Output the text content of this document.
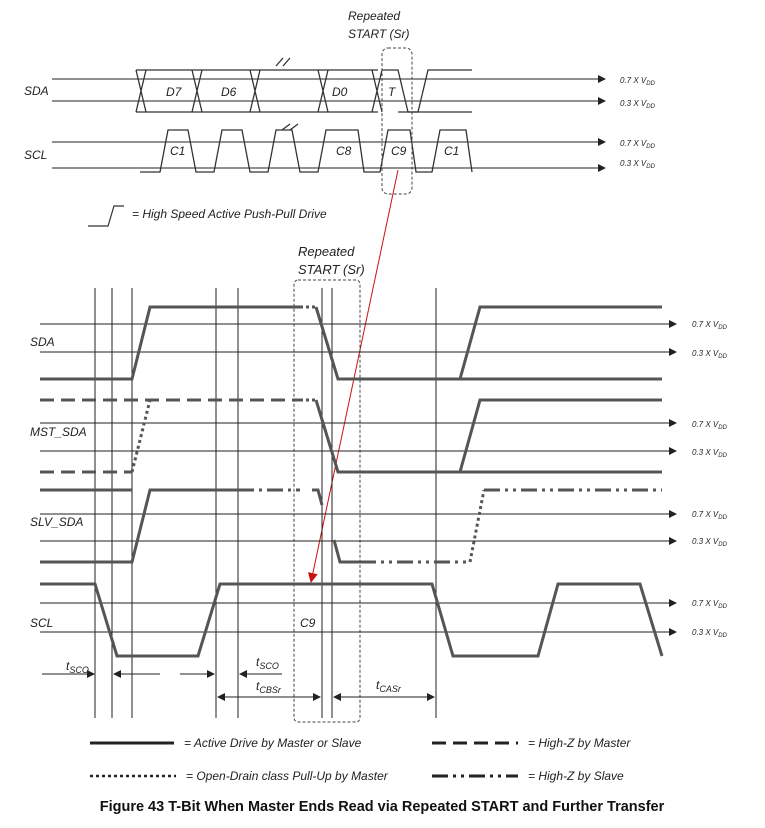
Repeated
START (Sr)
SDA
SCL
D7	D6	D0	T
C1	C8	C9	C1
0.7 X $V_{DD}$
0.3 X $V_{DD}$
0.7 X $V_{DD}$
0.3 X $V_{DD}$
= High Speed Active Push-Pull Drive
Repeated
START (Sr)
SDA
MST_SDA
SLV_SDA
SCL	C9
0.7 X $V_{DD}$
0.3 X $V_{DD}$
0.7 X $V_{DD}$
0.3 X $V_{DD}$
0.7 X $V_{DD}$
0.3 X $V_{DD}$
0.7 X $V_{DD}$
0.3 X $V_{DD}$
$t_{SCO}$
$t_{SCO}$
$t_{CBSr}$	$t_{CASr}$
= Active Drive by Master or Slave	= High-Z by Master
= Open-Drain class Pull-Up by Master	= High-Z by Slave
Figure 43 T-Bit When Master Ends Read via Repeated START and Further Transfer
